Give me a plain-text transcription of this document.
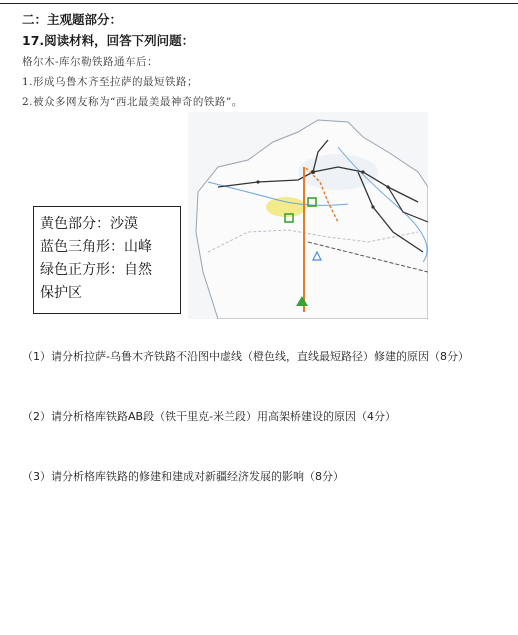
二：主观题部分：
17.阅读材料，回答下列问题：
格尔木-库尔勒铁路通车后：
1.形成乌鲁木齐至拉萨的最短铁路；
2.被众多网友称为“西北最美最神奇的铁路”。
黄色部分：沙漠
蓝色三角形：山峰
绿色正方形：自然
保护区
（1）请分析拉萨-乌鲁木齐铁路不沿图中虚线（橙色线，直线最短路径）修建的原因（8分）
（2）请分析格库铁路AB段（铁干里克-米兰段）用高架桥建设的原因（4分）
（3）请分析格库铁路的修建和建成对新疆经济发展的影响（8分）
